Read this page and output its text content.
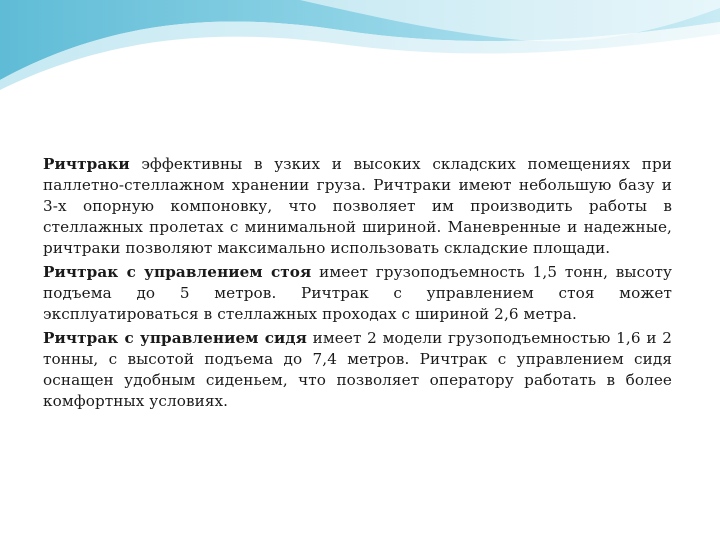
Ричтраки эффективны в узких и высоких складских помещениях при паллетно-стеллажном хранении груза. Ричтраки имеют небольшую базу и 3-х опорную компоновку, что позволяет им производить работы в стеллажных пролетах с минимальной шириной. Маневренные и надежные, ричтраки позволяют максимально использовать складские площади.

Ричтрак с управлением стоя имеет грузоподъемность 1,5 тонн, высоту подъема до 5 метров. Ричтрак с управлением стоя может эксплуатироваться в стеллажных проходах с шириной 2,6 метра.

Ричтрак с управлением сидя имеет 2 модели грузоподъемностью 1,6 и 2 тонны, с высотой подъема до 7,4 метров. Ричтрак с управлением сидя оснащен удобным сиденьем, что позволяет оператору работать в более комфортных условиях.
